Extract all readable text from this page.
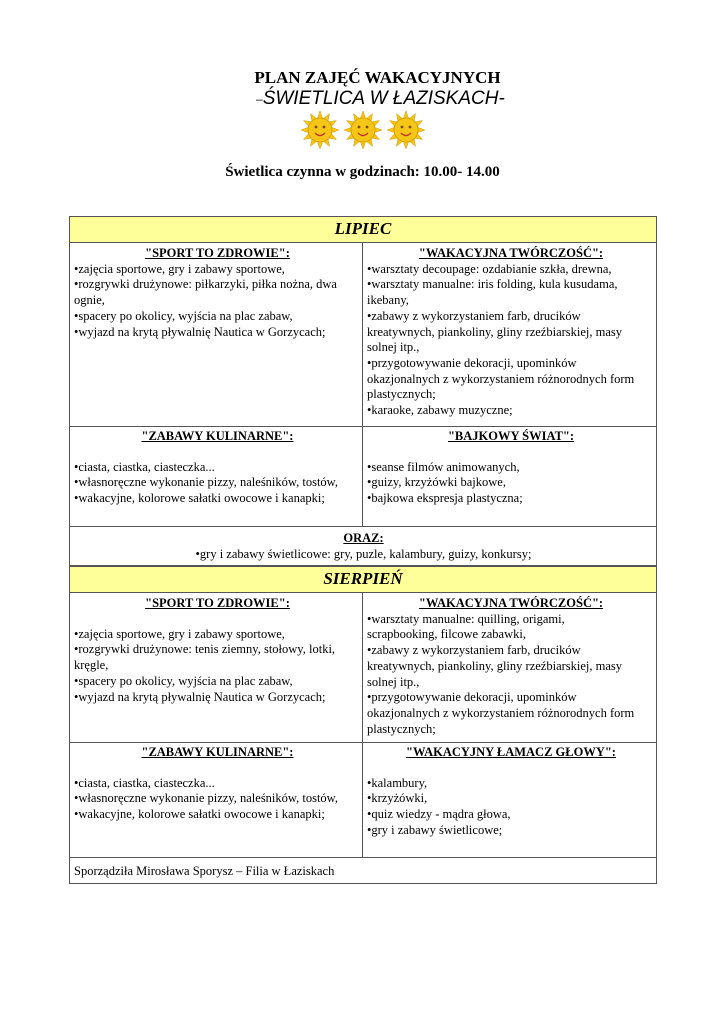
PLAN ZAJĘĆ WAKACYJNYCH
–ŚWIETLICA W ŁAZISKACH-
Świetlica czynna w godzinach: 10.00- 14.00
LIPIEC
"SPORT TO ZDROWIE":
•zajęcia sportowe, gry i zabawy sportowe,
•rozgrywki drużynowe: piłkarzyki, piłka nożna, dwa
ognie,
•spacery po okolicy, wyjścia na plac zabaw,
•wyjazd na krytą pływalnię Nautica w Gorzycach;
"WAKACYJNA TWÓRCZOŚĆ":
•warsztaty decoupage: ozdabianie szkła, drewna,
•warsztaty manualne: iris folding, kula kusudama,
ikebany,
•zabawy z wykorzystaniem farb, drucików
kreatywnych, piankoliny, gliny rzeźbiarskiej, masy
solnej itp.,
•przygotowywanie dekoracji, upominków
okazjonalnych z wykorzystaniem różnorodnych form
plastycznych;
•karaoke, zabawy muzyczne;
"ZABAWY KULINARNE":
•ciasta, ciastka, ciasteczka...
•własnoręczne wykonanie pizzy, naleśników, tostów,
•wakacyjne, kolorowe sałatki owocowe i kanapki;
"BAJKOWY ŚWIAT":
•seanse filmów animowanych,
•guizy, krzyżówki bajkowe,
•bajkowa ekspresja plastyczna;
ORAZ:
•gry i zabawy świetlicowe: gry, puzle, kalambury, guizy, konkursy;
SIERPIEŃ
"SPORT TO ZDROWIE":
•zajęcia sportowe, gry i zabawy sportowe,
•rozgrywki drużynowe: tenis ziemny, stołowy, lotki,
kręgle,
•spacery po okolicy, wyjścia na plac zabaw,
•wyjazd na krytą pływalnię Nautica w Gorzycach;
"WAKACYJNA TWÓRCZOŚĆ":
•warsztaty manualne: quilling, origami,
scrapbooking, filcowe zabawki,
•zabawy z wykorzystaniem farb, drucików
kreatywnych, piankoliny, gliny rzeźbiarskiej, masy
solnej itp.,
•przygotowywanie dekoracji, upominków
okazjonalnych z wykorzystaniem różnorodnych form
plastycznych;
"ZABAWY KULINARNE":
•ciasta, ciastka, ciasteczka...
•własnoręczne wykonanie pizzy, naleśników, tostów,
•wakacyjne, kolorowe sałatki owocowe i kanapki;
"WAKACYJNY ŁAMACZ GŁOWY":
•kalambury,
•krzyżówki,
•quiz wiedzy - mądra głowa,
•gry i zabawy świetlicowe;
Sporządziła Mirosława Sporysz – Filia w Łaziskach
